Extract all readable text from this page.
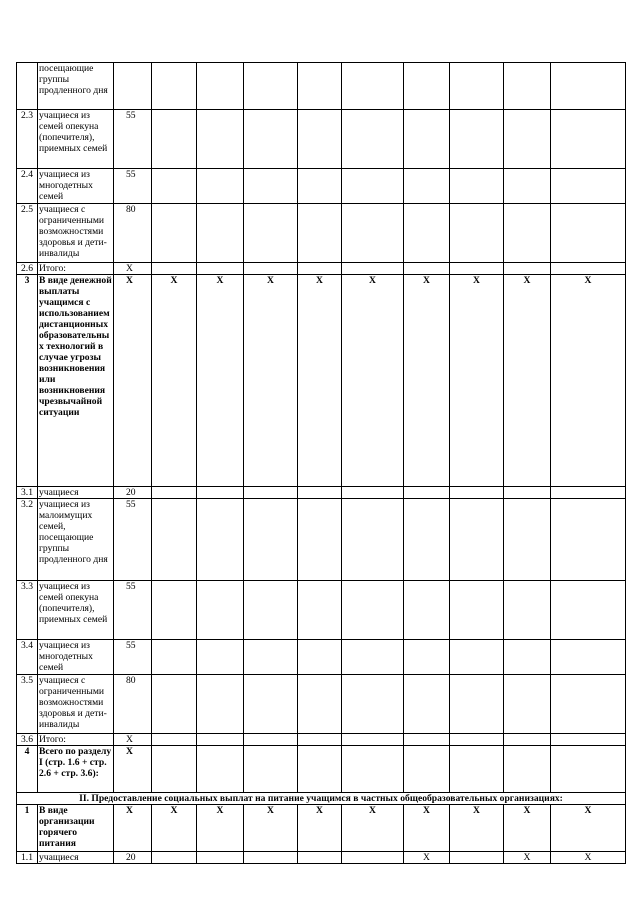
	посещающие группы продленного дня											
2.3	учащиеся из семей опекуна (попечителя), приемных семей	55										
2.4	учащиеся из многодетных семей	55										
2.5	учащиеся с ограниченными возможностями здоровья и дети-инвалиды	80										
2.6	Итого:	Х										
3	В виде денежной выплаты учащимся с использованием дистанционных образовательных технологий в случае угрозы возникновения или возникновения чрезвычайной ситуации	Х	Х	Х	Х	Х	Х	Х	Х	Х	Х	
3.1	учащиеся	20										
3.2	учащиеся из малоимущих семей, посещающие группы продленного дня	55										
3.3	учащиеся из семей опекуна (попечителя), приемных семей	55										
3.4	учащиеся из многодетных семей	55										
3.5	учащиеся с ограниченными возможностями здоровья и дети-инвалиды	80										
3.6	Итого:	Х										
4	Всего по разделу I (стр. 1.6 + стр. 2.6 + стр. 3.6):	Х										
II. Предоставление социальных выплат на питание учащимся в частных общеобразовательных организациях:												
1	В виде организации горячего питания	Х	Х	Х	Х	Х	Х	Х	Х	Х	Х	
1.1	учащиеся	20						Х		Х	Х	
